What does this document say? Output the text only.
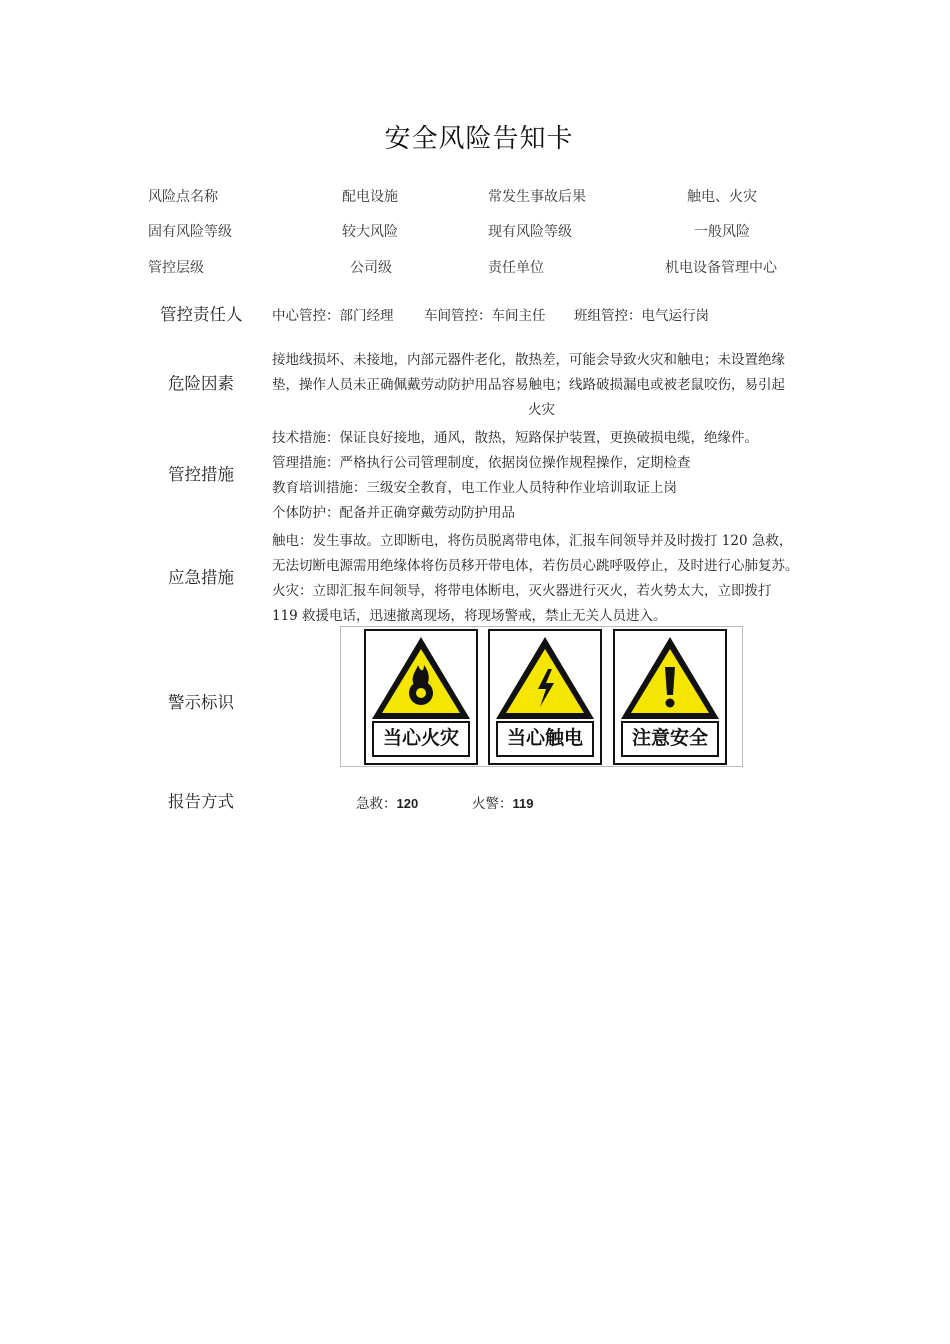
安全风险告知卡
风险点名称	配电设施	常发生事故后果	触电、火灾
固有风险等级	较大风险	现有风险等级	一般风险
管控层级	公司级	责任单位	机电设备管理中心
管控责任人 中心管控：部门经理 车间管控：车间主任 班组管控：电气运行岗
危险因素
接地线损坏、未接地，内部元器件老化，散热差，可能会导致火灾和触电；未设置绝缘
垫，操作人员未正确佩戴劳动防护用品容易触电；线路破损漏电或被老鼠咬伤，易引起
火灾
管控措施
技术措施：保证良好接地，通风，散热，短路保护装置，更换破损电缆，绝缘件。
管理措施：严格执行公司管理制度，依据岗位操作规程操作，定期检查
教育培训措施：三级安全教育，电工作业人员特种作业培训取证上岗
个体防护：配备并正确穿戴劳动防护用品
应急措施
触电：发生事故。立即断电，将伤员脱离带电体，汇报车间领导并及时拨打 120 急救，
无法切断电源需用绝缘体将伤员移开带电体，若伤员心跳呼吸停止，及时进行心肺复苏。
火灾：立即汇报车间领导，将带电体断电，灭火器进行灭火，若火势太大，立即拨打
119 救援电话，迅速撤离现场，将现场警戒，禁止无关人员进入。
警示标识
当心火灾	当心触电	注意安全
报告方式	急救：120	火警：119
